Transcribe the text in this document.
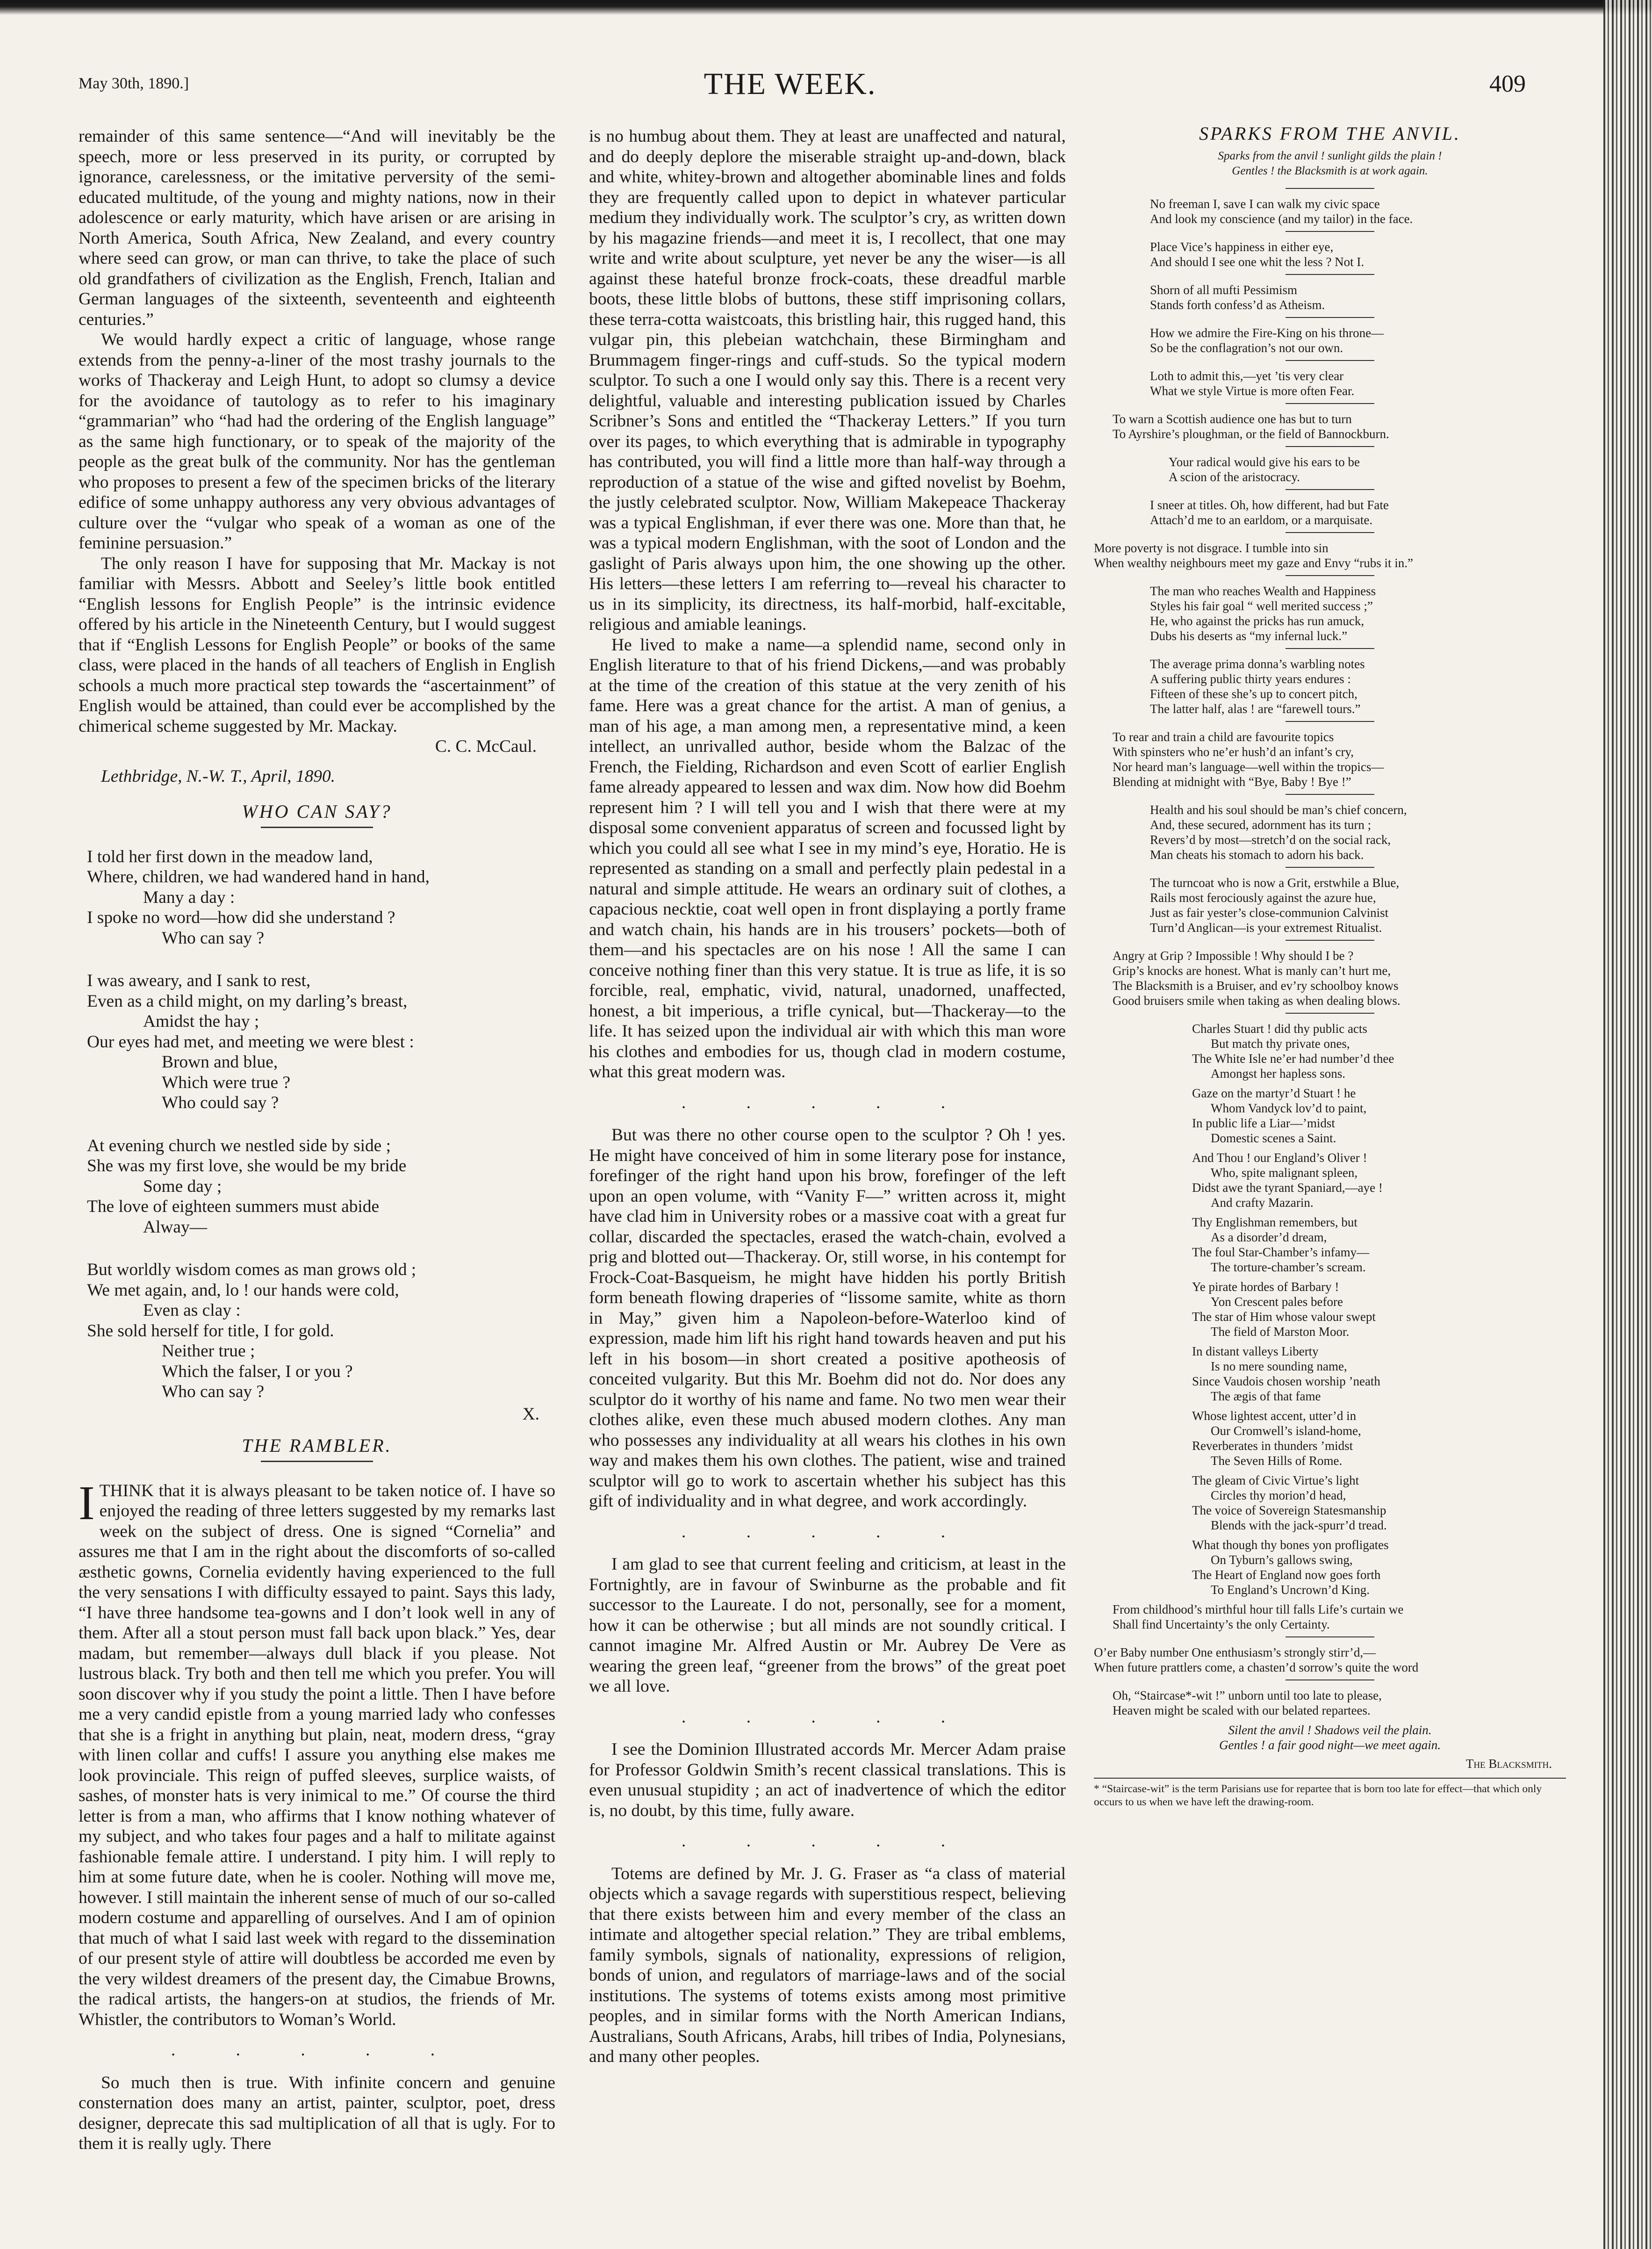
May 30th, 1890.]	THE WEEK.	409

remainder of this same sentence—“And will inevitably be the speech, more or less preserved in its purity, or corrupted by ignorance, carelessness, or the imitative perversity of the semi-educated multitude, of the young and mighty nations, now in their adolescence or early maturity, which have arisen or are arising in North America, South Africa, New Zealand, and every country where seed can grow, or man can thrive, to take the place of such old grandfathers of civilization as the English, French, Italian and German languages of the sixteenth, seventeenth and eighteenth centuries.”

We would hardly expect a critic of language, whose range extends from the penny-a-liner of the most trashy journals to the works of Thackeray and Leigh Hunt, to adopt so clumsy a device for the avoidance of tautology as to refer to his imaginary “grammarian” who “had had the ordering of the English language” as the same high functionary, or to speak of the majority of the people as the great bulk of the community. Nor has the gentleman who proposes to present a few of the specimen bricks of the literary edifice of some unhappy authoress any very obvious advantages of culture over the “vulgar who speak of a woman as one of the feminine persuasion.”

The only reason I have for supposing that Mr. Mackay is not familiar with Messrs. Abbott and Seeley’s little book entitled “English lessons for English People” is the intrinsic evidence offered by his article in the Nineteenth Century, but I would suggest that if “English Lessons for English People” or books of the same class, were placed in the hands of all teachers of English in English schools a much more practical step towards the “ascertainment” of English would be attained, than could ever be accomplished by the chimerical scheme suggested by Mr. Mackay.

C. C. McCaul.

Lethbridge, N.-W. T., April, 1890.

WHO CAN SAY?
I told her first down in the meadow land,
Where, children, we had wandered hand in hand,
Many a day :
I spoke no word—how did she understand ?
Who can say ?
I was aweary, and I sank to rest,
Even as a child might, on my darling’s breast,
Amidst the hay ;
Our eyes had met, and meeting we were blest :
Brown and blue,
Which were true ?
Who could say ?
At evening church we nestled side by side ;
She was my first love, she would be my bride
Some day ;
The love of eighteen summers must abide
Alway—
But worldly wisdom comes as man grows old ;
We met again, and, lo ! our hands were cold,
Even as clay :
She sold herself for title, I for gold.
Neither true ;
Which the falser, I or you ?
Who can say ?
X.
THE RAMBLER.

ITHINK that it is always pleasant to be taken notice of. I have so enjoyed the reading of three letters suggested by my remarks last week on the subject of dress. One is signed “Cornelia” and assures me that I am in the right about the discomforts of so-called æsthetic gowns, Cornelia evidently having experienced to the full the very sensations I with difficulty essayed to paint. Says this lady, “I have three handsome tea-gowns and I don’t look well in any of them. After all a stout person must fall back upon black.” Yes, dear madam, but remember—always dull black if you please. Not lustrous black. Try both and then tell me which you prefer. You will soon discover why if you study the point a little. Then I have before me a very candid epistle from a young married lady who confesses that she is a fright in anything but plain, neat, modern dress, “gray with linen collar and cuffs! I assure you anything else makes me look provinciale. This reign of puffed sleeves, surplice waists, of sashes, of monster hats is very inimical to me.” Of course the third letter is from a man, who affirms that I know nothing whatever of my subject, and who takes four pages and a half to militate against fashionable female attire. I understand. I pity him. I will reply to him at some future date, when he is cooler. Nothing will move me, however. I still maintain the inherent sense of much of our so-called modern costume and apparelling of ourselves. And I am of opinion that much of what I said last week with regard to the dissemination of our present style of attire will doubtless be accorded me even by the very wildest dreamers of the present day, the Cimabue Browns, the radical artists, the hangers-on at studios, the friends of Mr. Whistler, the contributors to Woman’s World.

. . . . .

So much then is true. With infinite concern and genuine consternation does many an artist, painter, sculptor, poet, dress designer, deprecate this sad multiplication of all that is ugly. For to them it is really ugly. There

is no humbug about them. They at least are unaffected and natural, and do deeply deplore the miserable straight up-and-down, black and white, whitey-brown and altogether abominable lines and folds they are frequently called upon to depict in whatever particular medium they individually work. The sculptor’s cry, as written down by his magazine friends—and meet it is, I recollect, that one may write and write about sculpture, yet never be any the wiser—is all against these hateful bronze frock-coats, these dreadful marble boots, these little blobs of buttons, these stiff imprisoning collars, these terra-cotta waistcoats, this bristling hair, this rugged hand, this vulgar pin, this plebeian watchchain, these Birmingham and Brummagem finger-rings and cuff-studs. So the typical modern sculptor. To such a one I would only say this. There is a recent very delightful, valuable and interesting publication issued by Charles Scribner’s Sons and entitled the “Thackeray Letters.” If you turn over its pages, to which everything that is admirable in typography has contributed, you will find a little more than half-way through a reproduction of a statue of the wise and gifted novelist by Boehm, the justly celebrated sculptor. Now, William Makepeace Thackeray was a typical Englishman, if ever there was one. More than that, he was a typical modern Englishman, with the soot of London and the gaslight of Paris always upon him, the one showing up the other. His letters—these letters I am referring to—reveal his character to us in its simplicity, its directness, its half-morbid, half-excitable, religious and amiable leanings.

He lived to make a name—a splendid name, second only in English literature to that of his friend Dickens,—and was probably at the time of the creation of this statue at the very zenith of his fame. Here was a great chance for the artist. A man of genius, a man of his age, a man among men, a representative mind, a keen intellect, an unrivalled author, beside whom the Balzac of the French, the Fielding, Richardson and even Scott of earlier English fame already appeared to lessen and wax dim. Now how did Boehm represent him ? I will tell you and I wish that there were at my disposal some convenient apparatus of screen and focussed light by which you could all see what I see in my mind’s eye, Horatio. He is represented as standing on a small and perfectly plain pedestal in a natural and simple attitude. He wears an ordinary suit of clothes, a capacious necktie, coat well open in front displaying a portly frame and watch chain, his hands are in his trousers’ pockets—both of them—and his spectacles are on his nose ! All the same I can conceive nothing finer than this very statue. It is true as life, it is so forcible, real, emphatic, vivid, natural, unadorned, unaffected, honest, a bit imperious, a trifle cynical, but—Thackeray—to the life. It has seized upon the individual air with which this man wore his clothes and embodies for us, though clad in modern costume, what this great modern was.

. . . . .

But was there no other course open to the sculptor ? Oh ! yes. He might have conceived of him in some literary pose for instance, forefinger of the right hand upon his brow, forefinger of the left upon an open volume, with “Vanity F—” written across it, might have clad him in University robes or a massive coat with a great fur collar, discarded the spectacles, erased the watch-chain, evolved a prig and blotted out—Thackeray. Or, still worse, in his contempt for Frock-Coat-Basqueism, he might have hidden his portly British form beneath flowing draperies of “lissome samite, white as thorn in May,” given him a Napoleon-before-Waterloo kind of expression, made him lift his right hand towards heaven and put his left in his bosom—in short created a positive apotheosis of conceited vulgarity. But this Mr. Boehm did not do. Nor does any sculptor do it worthy of his name and fame. No two men wear their clothes alike, even these much abused modern clothes. Any man who possesses any individuality at all wears his clothes in his own way and makes them his own clothes. The patient, wise and trained sculptor will go to work to ascertain whether his subject has this gift of individuality and in what degree, and work accordingly.

. . . . .

I am glad to see that current feeling and criticism, at least in the Fortnightly, are in favour of Swinburne as the probable and fit successor to the Laureate. I do not, personally, see for a moment, how it can be otherwise ; but all minds are not soundly critical. I cannot imagine Mr. Alfred Austin or Mr. Aubrey De Vere as wearing the green leaf, “greener from the brows” of the great poet we all love.

. . . . .

I see the Dominion Illustrated accords Mr. Mercer Adam praise for Professor Goldwin Smith’s recent classical translations. This is even unusual stupidity ; an act of inadvertence of which the editor is, no doubt, by this time, fully aware.

. . . . .

Totems are defined by Mr. J. G. Fraser as “a class of material objects which a savage regards with superstitious respect, believing that there exists between him and every member of the class an intimate and altogether special relation.” They are tribal emblems, family symbols, signals of nationality, expressions of religion, bonds of union, and regulators of marriage-laws and of the social institutions. The systems of totems exists among most primitive peoples, and in similar forms with the North American Indians, Australians, South Africans, Arabs, hill tribes of India, Polynesians, and many other peoples.

SPARKS FROM THE ANVIL.
Sparks from the anvil ! sunlight gilds the plain !
Gentles ! the Blacksmith is at work again.
No freeman I, save I can walk my civic space
And look my conscience (and my tailor) in the face.
Place Vice’s happiness in either eye,
And should I see one whit the less ? Not I.
Shorn of all mufti Pessimism
Stands forth confess’d as Atheism.
How we admire the Fire-King on his throne—
So be the conflagration’s not our own.
Loth to admit this,—yet ’tis very clear
What we style Virtue is more often Fear.
To warn a Scottish audience one has but to turn
To Ayrshire’s ploughman, or the field of Bannockburn.
Your radical would give his ears to be
A scion of the aristocracy.
I sneer at titles. Oh, how different, had but Fate
Attach’d me to an earldom, or a marquisate.
More poverty is not disgrace. I tumble into sin
When wealthy neighbours meet my gaze and Envy “rubs it in.”
The man who reaches Wealth and Happiness
Styles his fair goal “ well merited success ;”
He, who against the pricks has run amuck,
Dubs his deserts as “my infernal luck.”
The average prima donna’s warbling notes
A suffering public thirty years endures :
Fifteen of these she’s up to concert pitch,
The latter half, alas ! are “farewell tours.”
To rear and train a child are favourite topics
With spinsters who ne’er hush’d an infant’s cry,
Nor heard man’s language—well within the tropics—
Blending at midnight with “Bye, Baby ! Bye !”
Health and his soul should be man’s chief concern,
And, these secured, adornment has its turn ;
Revers’d by most—stretch’d on the social rack,
Man cheats his stomach to adorn his back.
The turncoat who is now a Grit, erstwhile a Blue,
Rails most ferociously against the azure hue,
Just as fair yester’s close-communion Calvinist
Turn’d Anglican—is your extremest Ritualist.
Angry at Grip ? Impossible ! Why should I be ?
Grip’s knocks are honest. What is manly can’t hurt me,
The Blacksmith is a Bruiser, and ev’ry schoolboy knows
Good bruisers smile when taking as when dealing blows.
Charles Stuart ! did thy public acts
But match thy private ones,
The White Isle ne’er had number’d thee
Amongst her hapless sons.
Gaze on the martyr’d Stuart ! he
Whom Vandyck lov’d to paint,
In public life a Liar—’midst
Domestic scenes a Saint.
And Thou ! our England’s Oliver !
Who, spite malignant spleen,
Didst awe the tyrant Spaniard,—aye !
And crafty Mazarin.
Thy Englishman remembers, but
As a disorder’d dream,
The foul Star-Chamber’s infamy—
The torture-chamber’s scream.
Ye pirate hordes of Barbary !
Yon Crescent pales before
The star of Him whose valour swept
The field of Marston Moor.
In distant valleys Liberty
Is no mere sounding name,
Since Vaudois chosen worship ’neath
The ægis of that fame
Whose lightest accent, utter’d in
Our Cromwell’s island-home,
Reverberates in thunders ’midst
The Seven Hills of Rome.
The gleam of Civic Virtue’s light
Circles thy morion’d head,
The voice of Sovereign Statesmanship
Blends with the jack-spurr’d tread.
What though thy bones yon profligates
On Tyburn’s gallows swing,
The Heart of England now goes forth
To England’s Uncrown’d King.
From childhood’s mirthful hour till falls Life’s curtain we
Shall find Uncertainty’s the only Certainty.
O’er Baby number One enthusiasm’s strongly stirr’d,—
When future prattlers come, a chasten’d sorrow’s quite the word
Oh, “Staircase*-wit !” unborn until too late to please,
Heaven might be scaled with our belated repartees.
Silent the anvil ! Shadows veil the plain.
Gentles ! a fair good night—we meet again.
The Blacksmith.
* “Staircase-wit” is the term Parisians use for repartee that is born too late for effect—that which only occurs to us when we have left the drawing-room.
